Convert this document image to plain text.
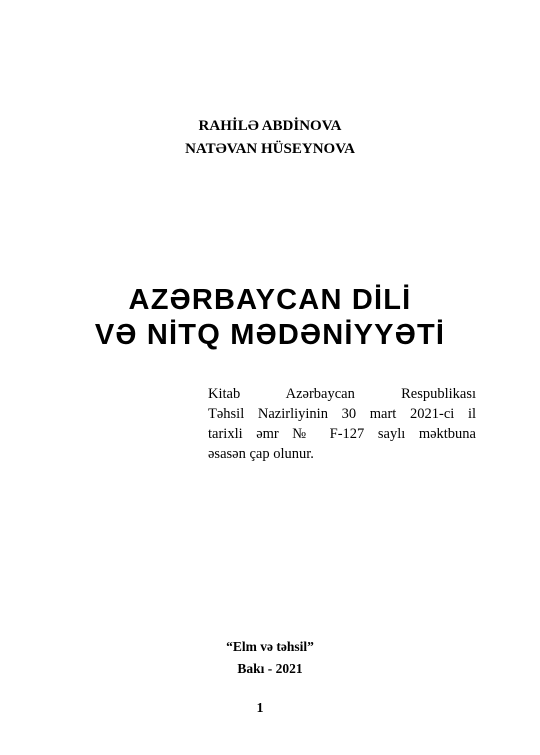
RAHİLƏ ABDİNOVA
NATƏVAN HÜSEYNOVA
AZƏRBAYCAN DİLİ
VƏ NİTQ MƏDƏNİYYƏTİ
Kitab Azərbaycan Respublikası
Təhsil Nazirliyinin 30 mart 2021-ci il
tarixli əmr № F-127 saylı məktbuna
əsasən çap olunur.
“Elm və təhsil”
Bakı - 2021
1
